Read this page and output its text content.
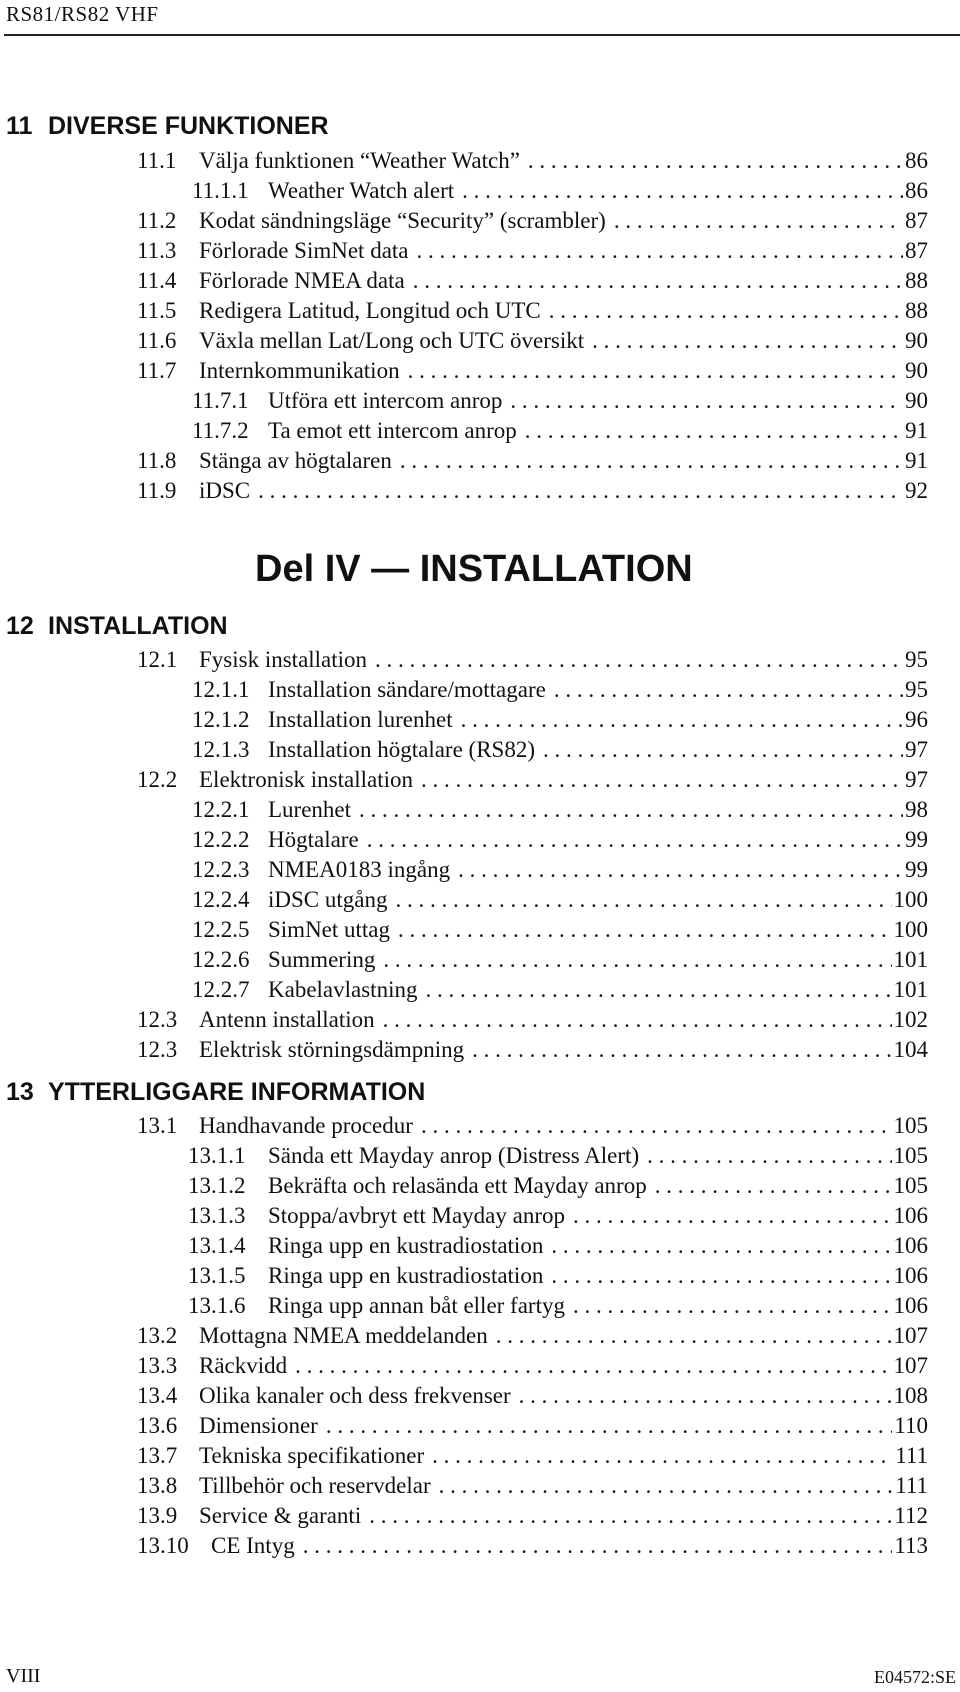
RS81/RS82 VHF
11 DIVERSE FUNKTIONER
Del IV — INSTALLATION
12 INSTALLATION
13 YTTERLIGGARE INFORMATION
11.1 Välja funktionen “Weather Watch” . . .	86
11.1.1 Weather Watch alert . . .	86
11.2 Kodat sändningsläge “Security” (scrambler) . . .	87
11.3 Förlorade SimNet data . . .	87
11.4 Förlorade NMEA data . . .	88
11.5 Redigera Latitud, Longitud och UTC . . .	88
11.6 Växla mellan Lat/Long och UTC översikt . . .	90
11.7 Internkommunikation . . .	90
11.7.1 Utföra ett intercom anrop . . .	90
11.7.2 Ta emot ett intercom anrop . . .	91
11.8 Stänga av högtalaren . . .	91
11.9 iDSC . . .	92
12.1 Fysisk installation . . .	95
12.1.1 Installation sändare/mottagare . . .	95
12.1.2 Installation lurenhet . . .	96
12.1.3 Installation högtalare (RS82) . . .	97
12.2 Elektronisk installation . . .	97
12.2.1 Lurenhet . . .	98
12.2.2 Högtalare . . .	99
12.2.3 NMEA0183 ingång . . .	99
12.2.4 iDSC utgång . . .	100
12.2.5 SimNet uttag . . .	100
12.2.6 Summering . . .	101
12.2.7 Kabelavlastning . . .	101
12.3 Antenn installation . . .	102
12.3 Elektrisk störningsdämpning . . .	104
13.1 Handhavande procedur . . .	105
13.1.1 Sända ett Mayday anrop (Distress Alert) . . .	105
13.1.2 Bekräfta och relasända ett Mayday anrop . . .	105
13.1.3 Stoppa/avbryt ett Mayday anrop . . .	106
13.1.4 Ringa upp en kustradiostation . . .	106
13.1.5 Ringa upp en kustradiostation . . .	106
13.1.6 Ringa upp annan båt eller fartyg . . .	106
13.2 Mottagna NMEA meddelanden . . .	107
13.3 Räckvidd . . .	107
13.4 Olika kanaler och dess frekvenser . . .	108
13.6 Dimensioner . . .	110
13.7 Tekniska specifikationer . . .	111
13.8 Tillbehör och reservdelar . . .	111
13.9 Service & garanti . . .	112
13.10 CE Intyg . . .	113
VIII	E04572:SE
